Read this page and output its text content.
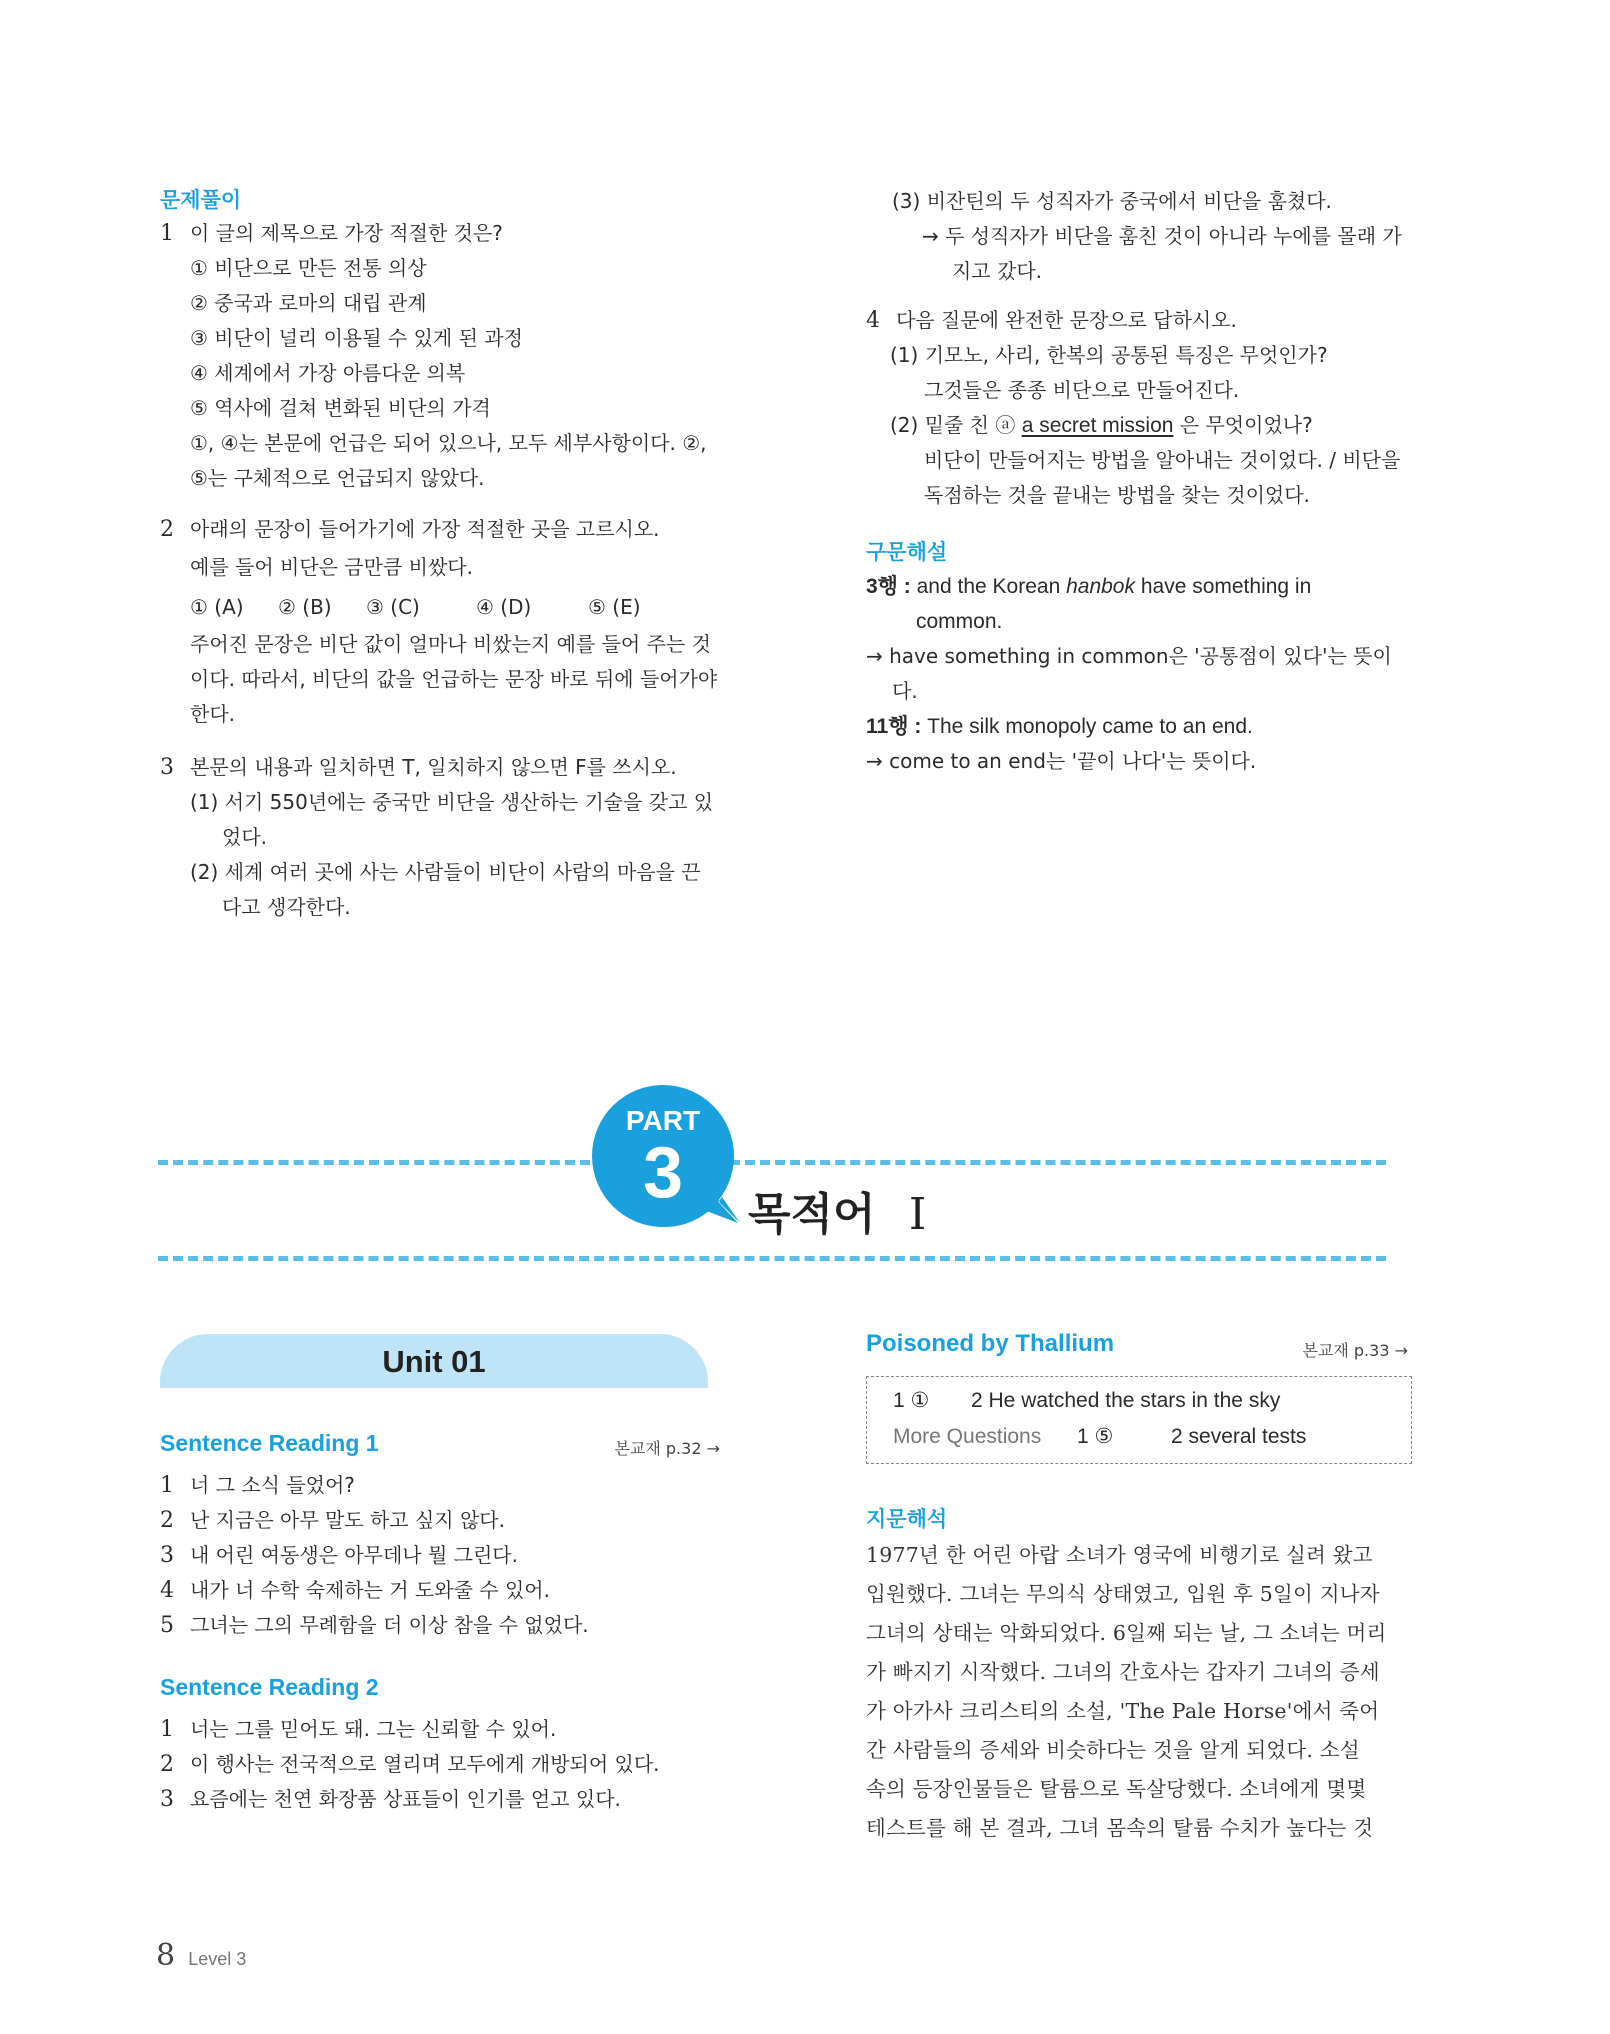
문제풀이
1 이 글의 제목으로 가장 적절한 것은?
① 비단으로 만든 전통 의상
② 중국과 로마의 대립 관계
③ 비단이 널리 이용될 수 있게 된 과정
④ 세계에서 가장 아름다운 의복
⑤ 역사에 걸쳐 변화된 비단의 가격
①, ④는 본문에 언급은 되어 있으나, 모두 세부사항이다. ②,
⑤는 구체적으로 언급되지 않았다.
2 아래의 문장이 들어가기에 가장 적절한 곳을 고르시오.
예를 들어 비단은 금만큼 비쌌다.
① (A) ② (B) ③ (C)	④ (D)	⑤ (E)
주어진 문장은 비단 값이 얼마나 비쌌는지 예를 들어 주는 것
이다. 따라서, 비단의 값을 언급하는 문장 바로 뒤에 들어가야
한다.
3 본문의 내용과 일치하면 T, 일치하지 않으면 F를 쓰시오.
(1) 서기 550년에는 중국만 비단을 생산하는 기술을 갖고 있
었다.
(2) 세계 여러 곳에 사는 사람들이 비단이 사람의 마음을 끈
다고 생각한다.
(3) 비잔틴의 두 성직자가 중국에서 비단을 훔쳤다.
→ 두 성직자가 비단을 훔친 것이 아니라 누에를 몰래 가
지고 갔다.
4 다음 질문에 완전한 문장으로 답하시오.
(1) 기모노, 사리, 한복의 공통된 특징은 무엇인가?
그것들은 종종 비단으로 만들어진다.
(2) 밑줄 친 ⓐ a secret mission 은 무엇이었나?
비단이 만들어지는 방법을 알아내는 것이었다. / 비단을
독점하는 것을 끝내는 방법을 찾는 것이었다.
구문해설
3행 : and the Korean hanbok have something in
common.
→ have something in common은 '공통점이 있다'는 뜻이
다.
11행 : The silk monopoly came to an end.
→ come to an end는 '끝이 나다'는 뜻이다.
PART
3
목적어 I
Unit 01
Sentence Reading 1	본교재 p.32 →
1 너 그 소식 들었어?
2 난 지금은 아무 말도 하고 싶지 않다.
3 내 어린 여동생은 아무데나 뭘 그린다.
4 내가 너 수학 숙제하는 거 도와줄 수 있어.
5 그녀는 그의 무례함을 더 이상 참을 수 없었다.
Sentence Reading 2
1 너는 그를 믿어도 돼. 그는 신뢰할 수 있어.
2 이 행사는 전국적으로 열리며 모두에게 개방되어 있다.
3 요즘에는 천연 화장품 상표들이 인기를 얻고 있다.
Poisoned by Thallium	본교재 p.33 →
1 ① 2 He watched the stars in the sky
More Questions 1 ⑤	2 several tests
지문해석
1977년 한 어린 아랍 소녀가 영국에 비행기로 실려 왔고
입원했다. 그녀는 무의식 상태였고, 입원 후 5일이 지나자
그녀의 상태는 악화되었다. 6일째 되는 날, 그 소녀는 머리
가 빠지기 시작했다. 그녀의 간호사는 갑자기 그녀의 증세
가 아가사 크리스티의 소설, 'The Pale Horse'에서 죽어
간 사람들의 증세와 비슷하다는 것을 알게 되었다. 소설
속의 등장인물들은 탈륨으로 독살당했다. 소녀에게 몇몇
테스트를 해 본 결과, 그녀 몸속의 탈륨 수치가 높다는 것
8 Level 3
